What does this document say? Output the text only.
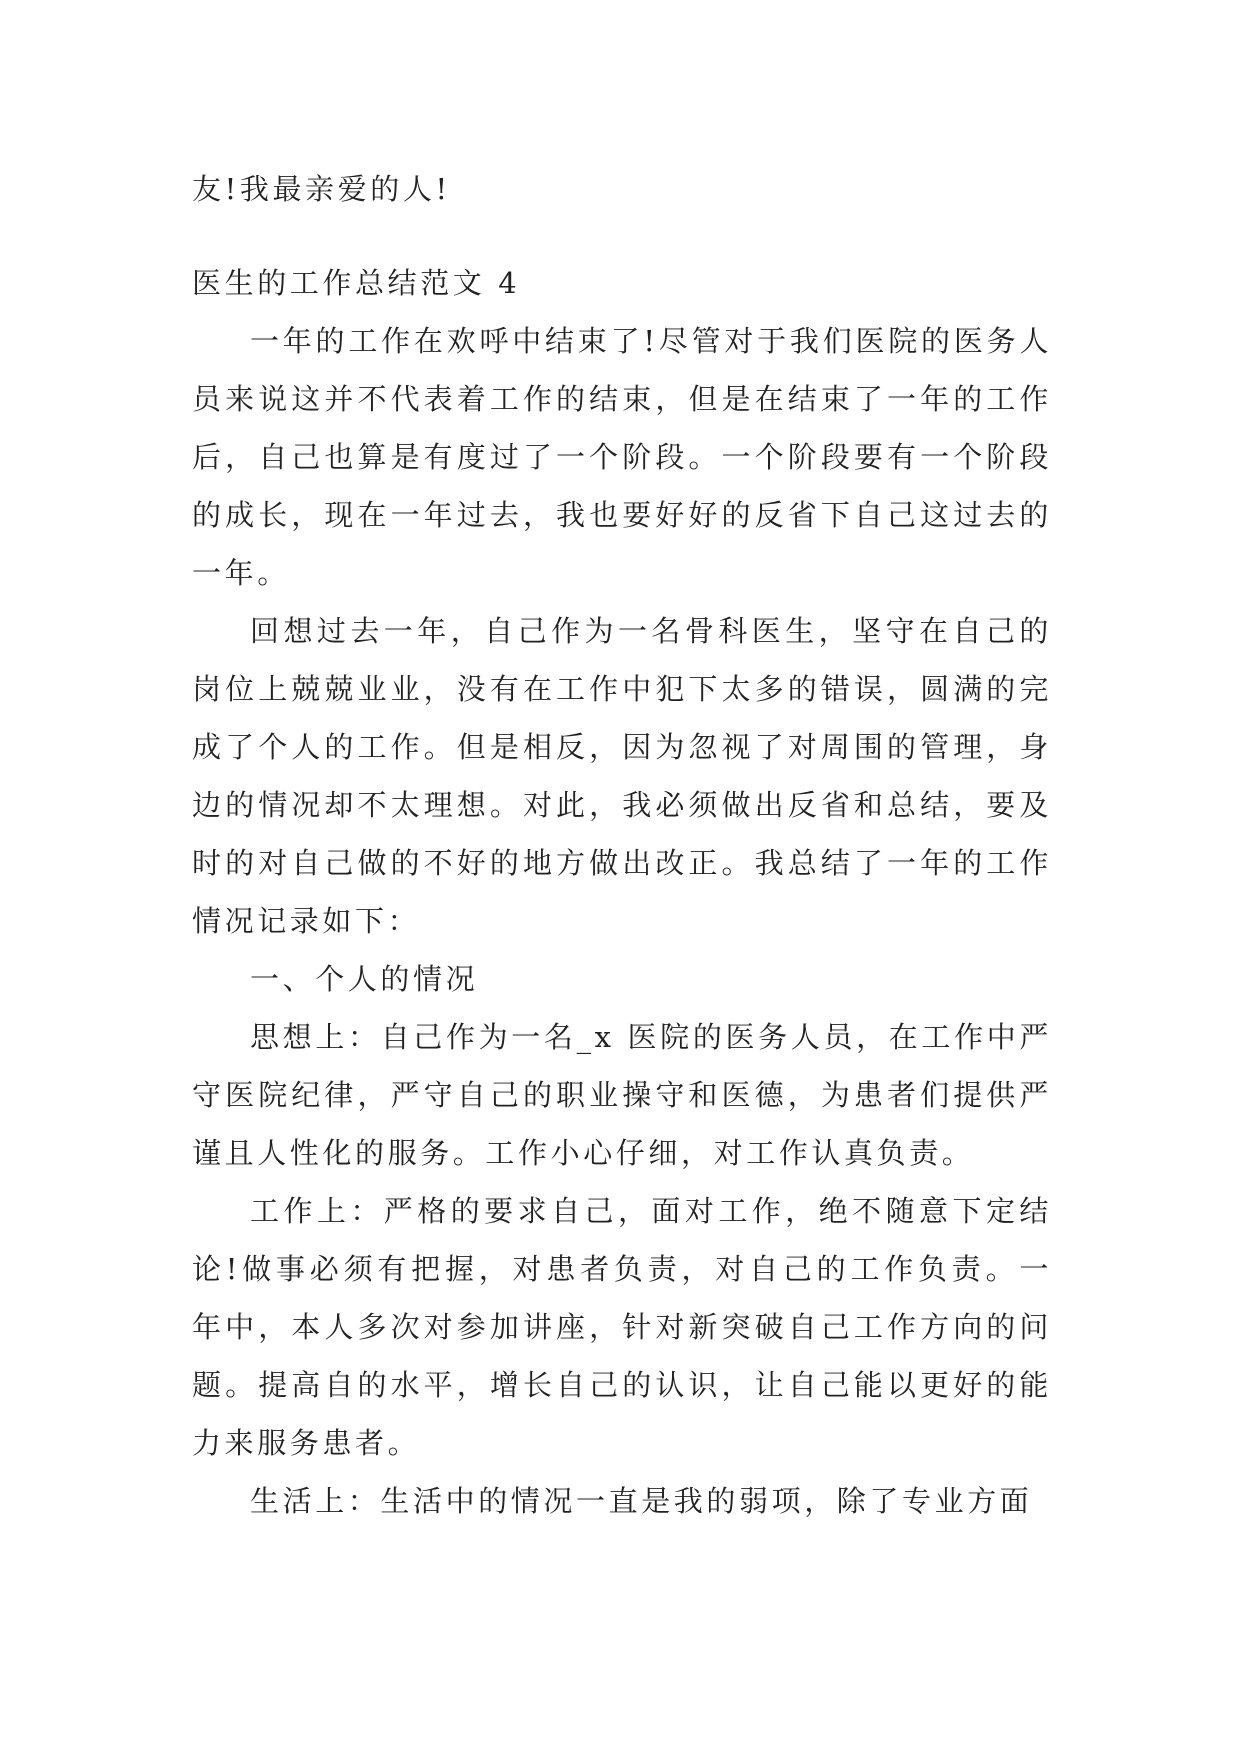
友!我最亲爱的人!

医生的工作总结范文 4

一年的工作在欢呼中结束了!尽管对于我们医院的医务人员来说这并不代表着工作的结束，但是在结束了一年的工作后，自己也算是有度过了一个阶段。一个阶段要有一个阶段的成长，现在一年过去，我也要好好的反省下自己这过去的一年。

回想过去一年，自己作为一名骨科医生，坚守在自己的岗位上兢兢业业，没有在工作中犯下太多的错误，圆满的完成了个人的工作。但是相反，因为忽视了对周围的管理，身边的情况却不太理想。对此，我必须做出反省和总结，要及时的对自己做的不好的地方做出改正。我总结了一年的工作情况记录如下：

一、个人的情况

思想上：自己作为一名_x 医院的医务人员，在工作中严守医院纪律，严守自己的职业操守和医德，为患者们提供严谨且人性化的服务。工作小心仔细，对工作认真负责。

工作上：严格的要求自己，面对工作，绝不随意下定结论!做事必须有把握，对患者负责，对自己的工作负责。一年中，本人多次对参加讲座，针对新突破自己工作方向的问题。提高自的水平，增长自己的认识，让自己能以更好的能力来服务患者。

生活上：生活中的情况一直是我的弱项，除了专业方面
